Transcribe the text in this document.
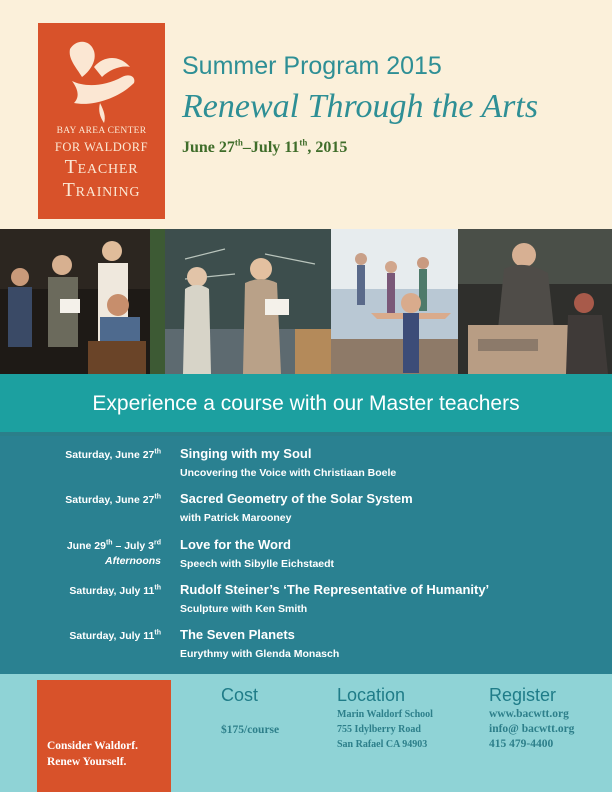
BAY AREA CENTER
FOR WALDORF
Teacher
Training
Summer Program 2015
Renewal Through the Arts
June 27th–July 11th, 2015
Experience a course with our Master teachers
Saturday, June 27th Singing with my Soul
Uncovering the Voice with Christiaan Boele
Saturday, June 27th Sacred Geometry of the Solar System
with Patrick Marooney
June 29th – July 3rd
Afternoons
Love for the Word
Speech with Sibylle Eichstaedt
Saturday, July 11th Rudolf Steiner’s ‘The Representative of Humanity’
Sculpture with Ken Smith
Saturday, July 11th The Seven Planets
Eurythmy with Glenda Monasch
Consider Waldorf.
Renew Yourself.
Cost
$175/course
Location
Marin Waldorf School
755 Idylberry Road
San Rafael CA 94903
Register
www.bacwtt.org
info@ bacwtt.org
415 479-4400
